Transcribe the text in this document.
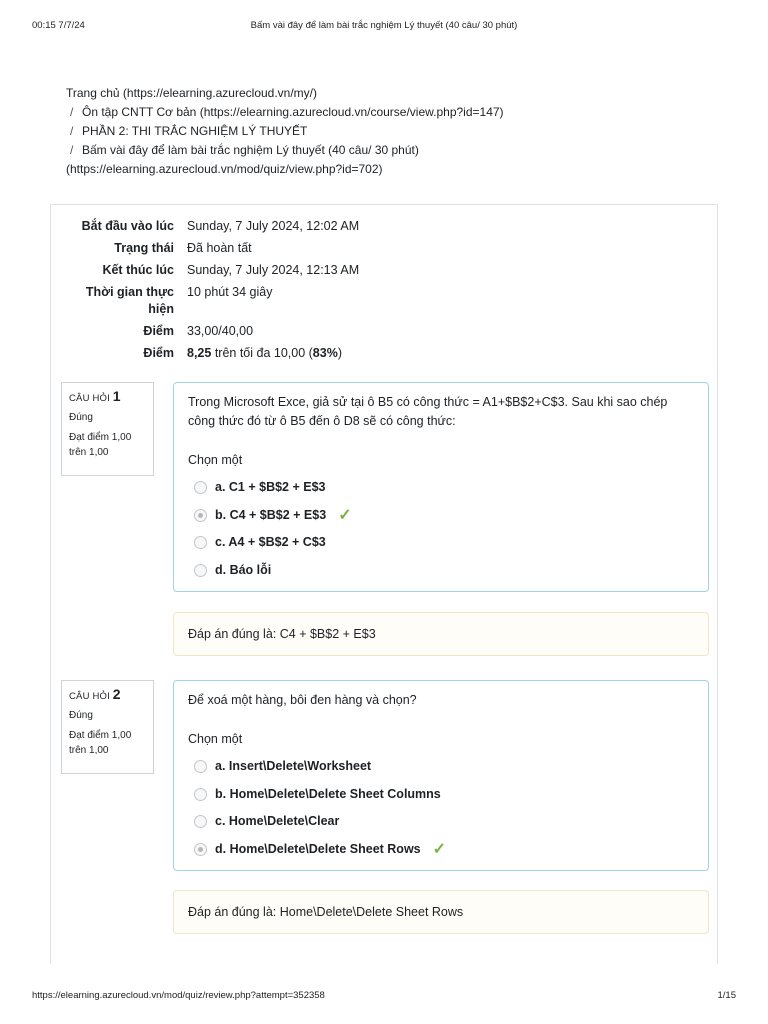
00:15 7/7/24	Bấm vài đây để làm bài trắc nghiệm Lý thuyết (40 câu/ 30 phút)
Trang chủ (https://elearning.azurecloud.vn/my/)
/ Ôn tập CNTT Cơ bản (https://elearning.azurecloud.vn/course/view.php?id=147)
/ PHẦN 2: THI TRẮC NGHIỆM LÝ THUYẾT
/ Bấm vài đây để làm bài trắc nghiệm Lý thuyết (40 câu/ 30 phút)
(https://elearning.azurecloud.vn/mod/quiz/view.php?id=702)
Bắt đầu vào lúc	Sunday, 7 July 2024, 12:02 AM
Trạng thái	Đã hoàn tất
Kết thúc lúc	Sunday, 7 July 2024, 12:13 AM
Thời gian thực hiện
10 phút 34 giây
Điểm	33,00/40,00
Điểm	8,25 trên tối đa 10,00 (83%)
CÂU HỎI 1
Đúng
Đạt điểm 1,00 trên 1,00
Trong Microsoft Exce, giả sử tại ô B5 có công thức = A1+$B$2+C$3. Sau khi sao chép công thức đó từ ô B5 đến ô D8 sẽ có công thức:
Chọn một
a. C1 + $B$2 + E$3
b. C4 + $B$2 + E$3 ✓
c. A4 + $B$2 + C$3
d. Báo lỗi
Đáp án đúng là: C4 + $B$2 + E$3
CÂU HỎI 2
Đúng
Đạt điểm 1,00 trên 1,00
Để xoá một hàng, bôi đen hàng và chọn?
Chọn một
a. Insert\Delete\Worksheet
b. Home\Delete\Delete Sheet Columns
c. Home\Delete\Clear
d. Home\Delete\Delete Sheet Rows ✓
Đáp án đúng là: Home\Delete\Delete Sheet Rows
https://elearning.azurecloud.vn/mod/quiz/review.php?attempt=352358	1/15
